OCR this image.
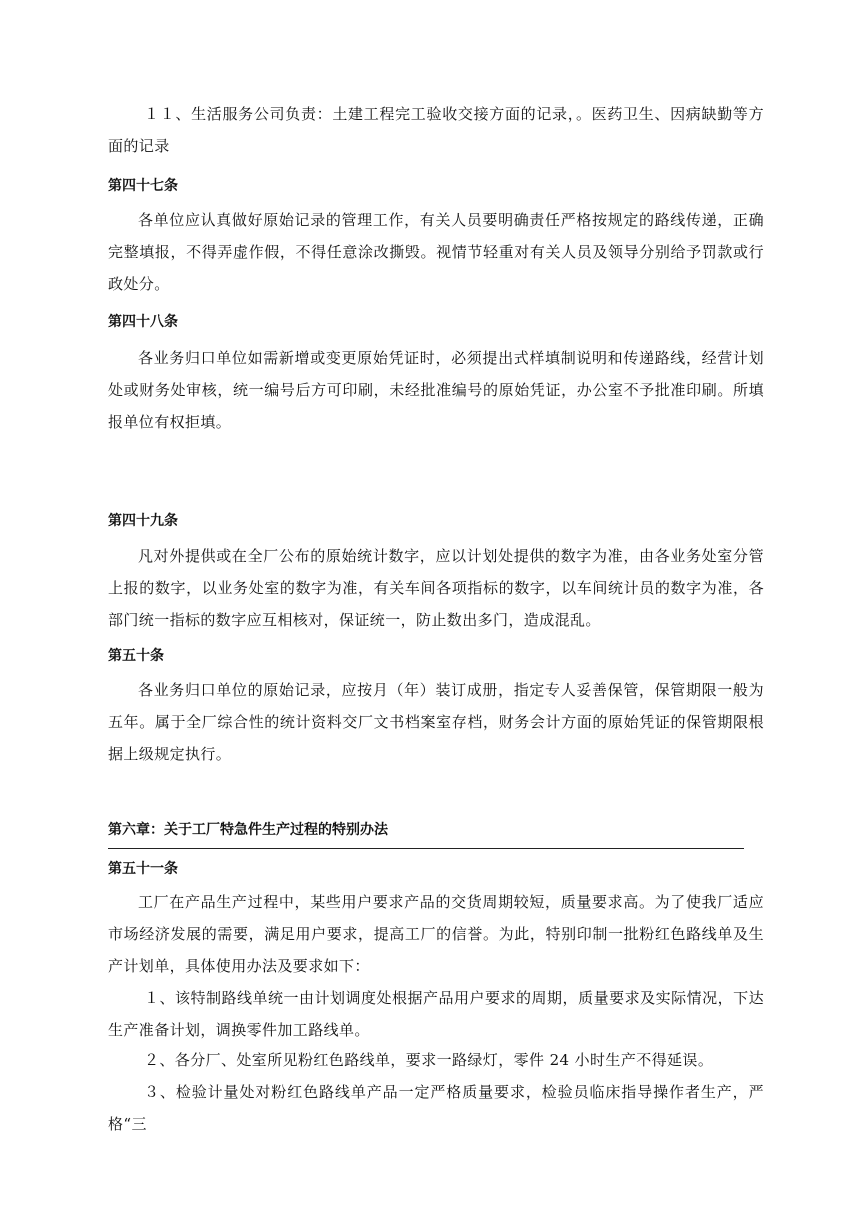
１１、生活服务公司负责：土建工程完工验收交接方面的记录，。医药卫生、因病缺勤等方面的记录

第四十七条

各单位应认真做好原始记录的管理工作，有关人员要明确责任严格按规定的路线传递，正确完整填报，不得弄虚作假，不得任意涂改撕毁。视情节轻重对有关人员及领导分别给予罚款或行政处分。

第四十八条

各业务归口单位如需新增或变更原始凭证时，必须提出式样填制说明和传递路线，经营计划处或财务处审核，统一编号后方可印刷，未经批准编号的原始凭证，办公室不予批准印刷。所填报单位有权拒填。

第四十九条

凡对外提供或在全厂公布的原始统计数字，应以计划处提供的数字为准，由各业务处室分管上报的数字，以业务处室的数字为准，有关车间各项指标的数字，以车间统计员的数字为准，各部门统一指标的数字应互相核对，保证统一，防止数出多门，造成混乱。

第五十条

各业务归口单位的原始记录，应按月（年）装订成册，指定专人妥善保管，保管期限一般为五年。属于全厂综合性的统计资料交厂文书档案室存档，财务会计方面的原始凭证的保管期限根据上级规定执行。

第六章：关于工厂特急件生产过程的特别办法
第五十一条

工厂在产品生产过程中，某些用户要求产品的交货周期较短，质量要求高。为了使我厂适应市场经济发展的需要，满足用户要求，提高工厂的信誉。为此，特别印制一批粉红色路线单及生产计划单，具体使用办法及要求如下：

１、该特制路线单统一由计划调度处根据产品用户要求的周期，质量要求及实际情况，下达生产准备计划，调换零件加工路线单。

２、各分厂、处室所见粉红色路线单，要求一路绿灯，零件 24 小时生产不得延误。

３、检验计量处对粉红色路线单产品一定严格质量要求，检验员临床指导操作者生产，严格“三
